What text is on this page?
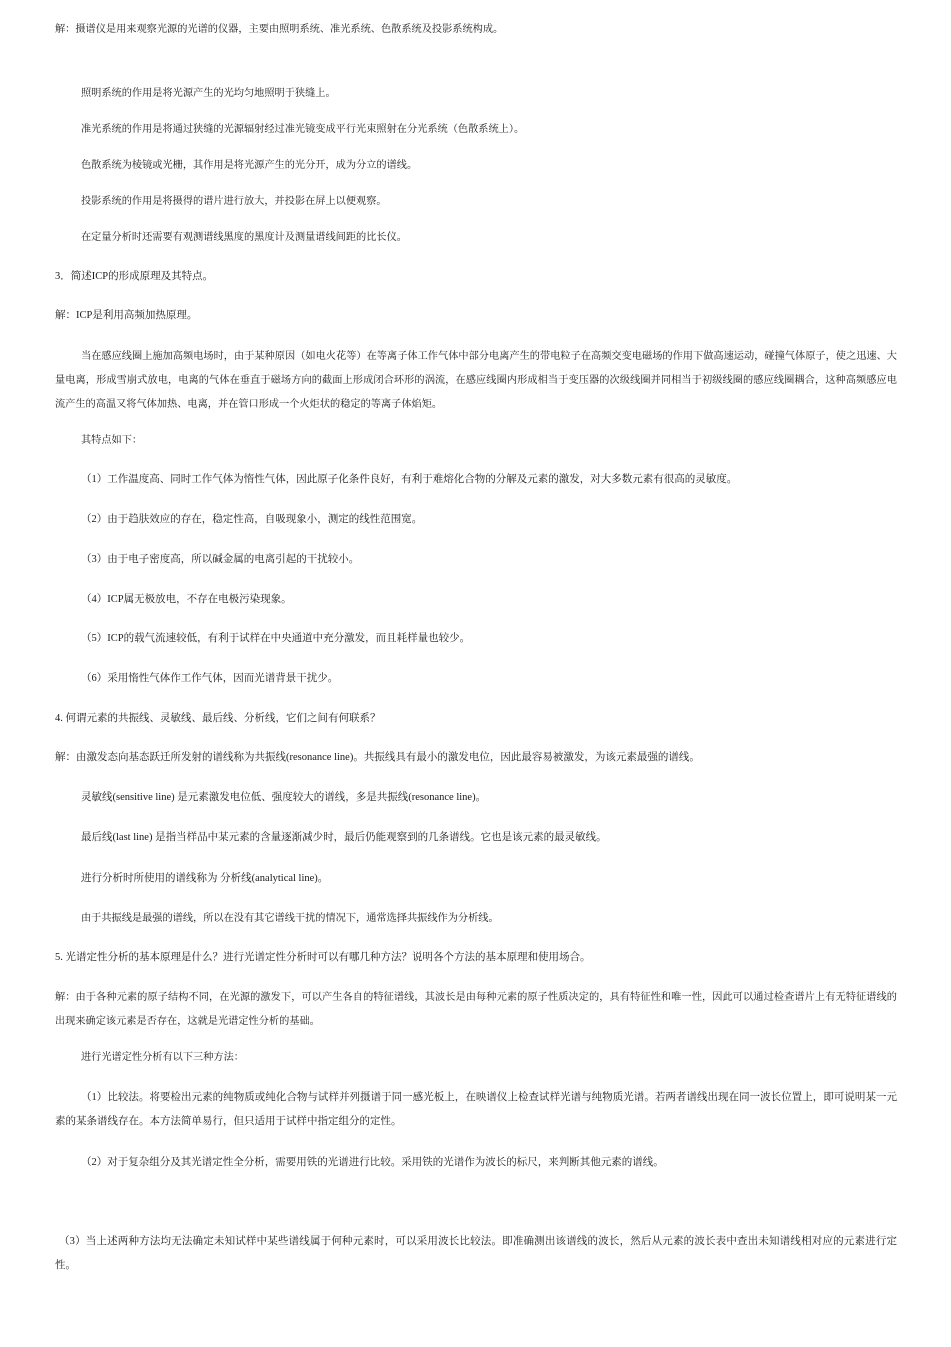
解：摄谱仪是用来观察光源的光谱的仪器，主要由照明系统、准光系统、色散系统及投影系统构成。

照明系统的作用是将光源产生的光均匀地照明于狭缝上。

准光系统的作用是将通过狭缝的光源辐射经过准光镜变成平行光束照射在分光系统（色散系统上）。

色散系统为棱镜或光栅，其作用是将光源产生的光分开，成为分立的谱线。

投影系统的作用是将摄得的谱片进行放大，并投影在屏上以便观察。

在定量分析时还需要有观测谱线黑度的黑度计及测量谱线间距的比长仪。

3．简述ICP的形成原理及其特点。

解：ICP是利用高频加热原理。

当在感应线圈上施加高频电场时，由于某种原因（如电火花等）在等离子体工作气体中部分电离产生的带电粒子在高频交变电磁场的作用下做高速运动，碰撞气体原子，使之迅速、大量电离，形成雪崩式放电，电离的气体在垂直于磁场方向的截面上形成闭合环形的涡流，在感应线圈内形成相当于变压器的次级线圈并同相当于初级线圈的感应线圈耦合，这种高频感应电流产生的高温又将气体加热、电离，并在管口形成一个火炬状的稳定的等离子体焰矩。

其特点如下：

（1）工作温度高、同时工作气体为惰性气体，因此原子化条件良好，有利于难熔化合物的分解及元素的激发，对大多数元素有很高的灵敏度。

（2）由于趋肤效应的存在，稳定性高，自吸现象小，测定的线性范围宽。

（3）由于电子密度高，所以碱金属的电离引起的干扰较小。

（4）ICP属无极放电，不存在电极污染现象。

（5）ICP的载气流速较低，有利于试样在中央通道中充分激发，而且耗样量也较少。

（6）采用惰性气体作工作气体，因而光谱背景干扰少。

4. 何谓元素的共振线、灵敏线、最后线、分析线，它们之间有何联系？

解：由激发态向基态跃迁所发射的谱线称为共振线(resonance line)。共振线具有最小的激发电位，因此最容易被激发，为该元素最强的谱线。

灵敏线(sensitive line) 是元素激发电位低、强度较大的谱线，多是共振线(resonance line)。

最后线(last line) 是指当样品中某元素的含量逐渐减少时，最后仍能观察到的几条谱线。它也是该元素的最灵敏线。

进行分析时所使用的谱线称为 分析线(analytical line)。

由于共振线是最强的谱线，所以在没有其它谱线干扰的情况下，通常选择共振线作为分析线。

5. 光谱定性分析的基本原理是什么？进行光谱定性分析时可以有哪几种方法？说明各个方法的基本原理和使用场合。

解：由于各种元素的原子结构不同，在光源的激发下，可以产生各自的特征谱线，其波长是由每种元素的原子性质决定的，具有特征性和唯一性，因此可以通过检查谱片上有无特征谱线的出现来确定该元素是否存在，这就是光谱定性分析的基础。

进行光谱定性分析有以下三种方法：

（1）比较法。将要检出元素的纯物质或纯化合物与试样并列摄谱于同一感光板上，在映谱仪上检查试样光谱与纯物质光谱。若两者谱线出现在同一波长位置上，即可说明某一元素的某条谱线存在。本方法简单易行，但只适用于试样中指定组分的定性。

（2）对于复杂组分及其光谱定性全分析，需要用铁的光谱进行比较。采用铁的光谱作为波长的标尺，来判断其他元素的谱线。

（3）当上述两种方法均无法确定未知试样中某些谱线属于何种元素时，可以采用波长比较法。即准确测出该谱线的波长，然后从元素的波长表中查出未知谱线相对应的元素进行定性。
